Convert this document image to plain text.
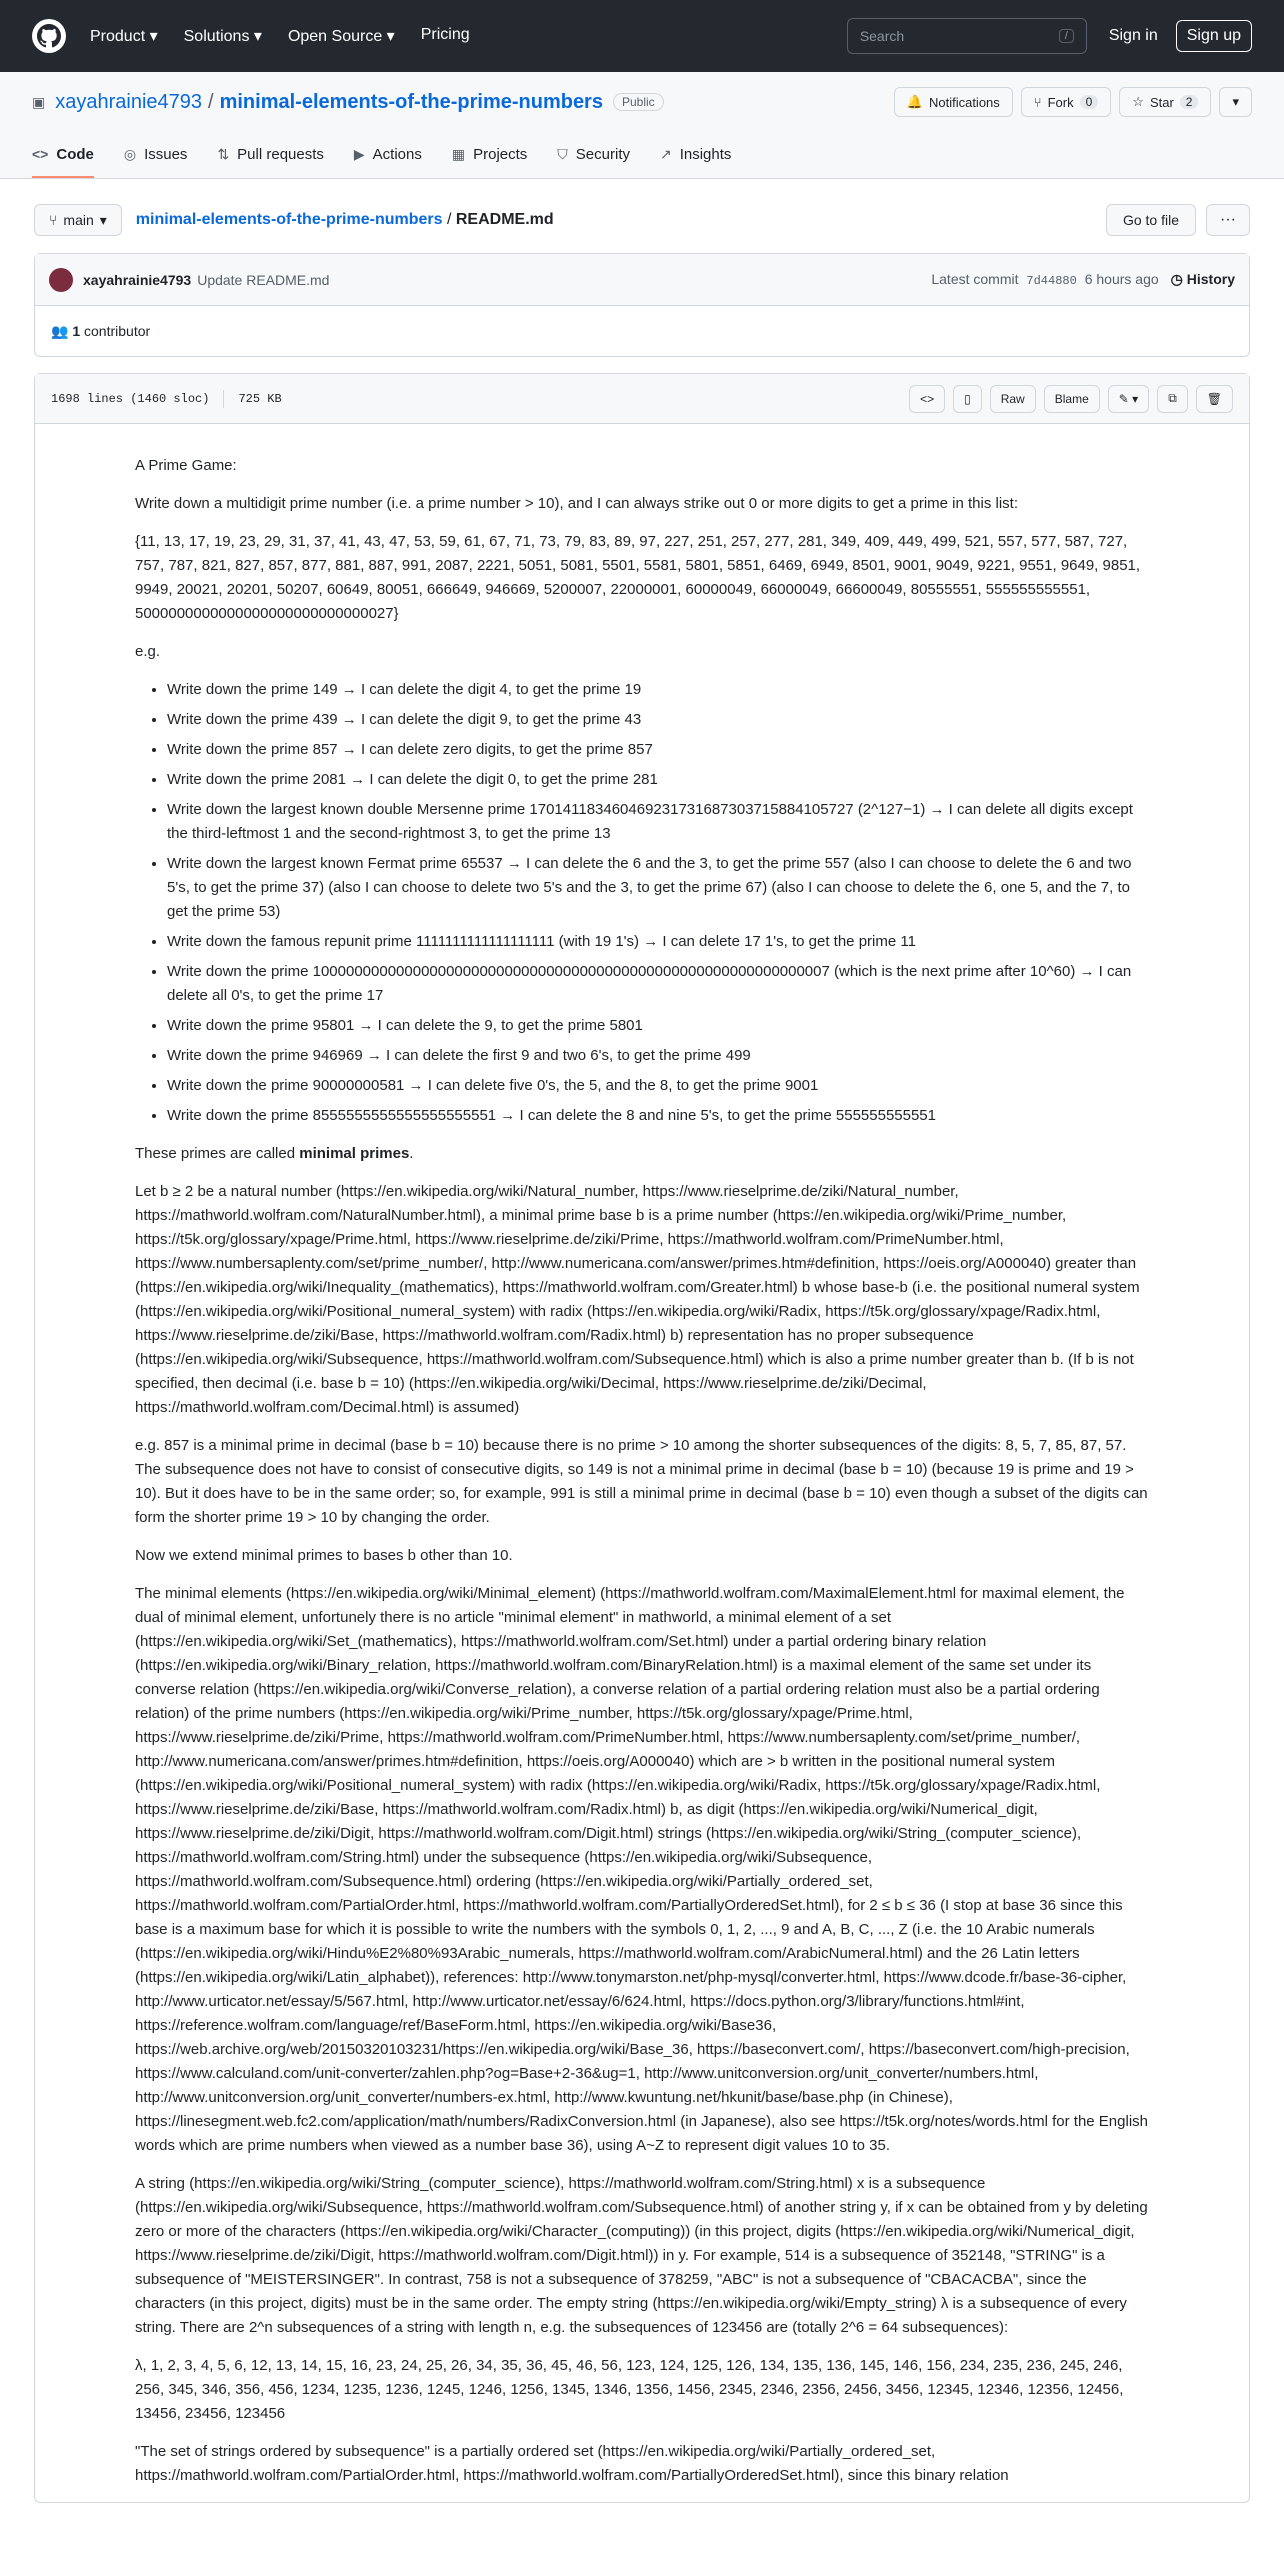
Product ▾ Solutions ▾ Open Source ▾ Pricing	Search	/	Sign in	Sign up
▣ xayahrainie4793 / minimal-elements-of-the-prime-numbers	Public	🔔 Notifications	⑂ Fork	0	☆ Star	2	▾
<> Code ◎ Issues ⇅ Pull requests ▶ Actions ▦ Projects ⛉ Security ↗ Insights
⑂ main ▾ minimal-elements-of-the-prime-numbers / README.md	Go to file	···
xayahrainie4793 Update README.md	Latest commit 7d44880 6 hours ago ◷ History
👥
1
contributor
1698 lines (1460 sloc) 725 KB	<>	▯	Raw	Blame	✎
▾	⧉	🗑

A Prime Game:

Write down a multidigit prime number (i.e. a prime number > 10), and I can always strike out 0 or more digits to get a prime in this list:

{11, 13, 17, 19, 23, 29, 31, 37, 41, 43, 47, 53, 59, 61, 67, 71, 73, 79, 83, 89, 97, 227, 251, 257, 277, 281, 349, 409, 449, 499, 521, 557, 577, 587, 727, 757, 787, 821, 827, 857, 877, 881, 887, 991, 2087, 2221, 5051, 5081, 5501, 5581, 5801, 5851, 6469, 6949, 8501, 9001, 9049, 9221, 9551, 9649, 9851, 9949, 20021, 20201, 50207, 60649, 80051, 666649, 946669, 5200007, 22000001, 60000049, 66000049, 66600049, 80555551, 555555555551, 5000000000000000000000000000027}

e.g.

• Write down the prime 149 → I can delete the digit 4, to get the prime 19
• Write down the prime 439 → I can delete the digit 9, to get the prime 43
• Write down the prime 857 → I can delete zero digits, to get the prime 857
• Write down the prime 2081 → I can delete the digit 0, to get the prime 281
• Write down the largest known double Mersenne prime 170141183460469231731687303715884105727 (2^127−1) → I can delete all digits except the third-leftmost 1 and the second-rightmost 3, to get the prime 13
• Write down the largest known Fermat prime 65537 → I can delete the 6 and the 3, to get the prime 557 (also I can choose to delete the 6 and two 5's, to get the prime 37) (also I can choose to delete two 5's and the 3, to get the prime 67) (also I can choose to delete the 6, one 5, and the 7, to get the prime 53)
• Write down the famous repunit prime 1111111111111111111 (with 19 1's) → I can delete 17 1's, to get the prime 11
• Write down the prime 10000000000000000000000000000000000000000000000000000000000007 (which is the next prime after 10^60) → I can delete all 0's, to get the prime 17
• Write down the prime 95801 → I can delete the 9, to get the prime 5801
• Write down the prime 946969 → I can delete the first 9 and two 6's, to get the prime 499
• Write down the prime 90000000581 → I can delete five 0's, the 5, and the 8, to get the prime 9001
• Write down the prime 8555555555555555555551 → I can delete the 8 and nine 5's, to get the prime 555555555551

These primes are called minimal primes.

Let b ≥ 2 be a natural number (https://en.wikipedia.org/wiki/Natural_number, https://www.rieselprime.de/ziki/Natural_number, https://mathworld.wolfram.com/NaturalNumber.html), a minimal prime base b is a prime number (https://en.wikipedia.org/wiki/Prime_number, https://t5k.org/glossary/xpage/Prime.html, https://www.rieselprime.de/ziki/Prime, https://mathworld.wolfram.com/PrimeNumber.html, https://www.numbersaplenty.com/set/prime_number/, http://www.numericana.com/answer/primes.htm#definition, https://oeis.org/A000040) greater than (https://en.wikipedia.org/wiki/Inequality_(mathematics), https://mathworld.wolfram.com/Greater.html) b whose base-b (i.e. the positional numeral system (https://en.wikipedia.org/wiki/Positional_numeral_system) with radix (https://en.wikipedia.org/wiki/Radix, https://t5k.org/glossary/xpage/Radix.html, https://www.rieselprime.de/ziki/Base, https://mathworld.wolfram.com/Radix.html) b) representation has no proper subsequence (https://en.wikipedia.org/wiki/Subsequence, https://mathworld.wolfram.com/Subsequence.html) which is also a prime number greater than b. (If b is not specified, then decimal (i.e. base b = 10) (https://en.wikipedia.org/wiki/Decimal, https://www.rieselprime.de/ziki/Decimal, https://mathworld.wolfram.com/Decimal.html) is assumed)

e.g. 857 is a minimal prime in decimal (base b = 10) because there is no prime > 10 among the shorter subsequences of the digits: 8, 5, 7, 85, 87, 57. The subsequence does not have to consist of consecutive digits, so 149 is not a minimal prime in decimal (base b = 10) (because 19 is prime and 19 > 10). But it does have to be in the same order; so, for example, 991 is still a minimal prime in decimal (base b = 10) even though a subset of the digits can form the shorter prime 19 > 10 by changing the order.

Now we extend minimal primes to bases b other than 10.

The minimal elements (https://en.wikipedia.org/wiki/Minimal_element) (https://mathworld.wolfram.com/MaximalElement.html for maximal element, the dual of minimal element, unfortunely there is no article "minimal element" in mathworld, a minimal element of a set (https://en.wikipedia.org/wiki/Set_(mathematics), https://mathworld.wolfram.com/Set.html) under a partial ordering binary relation (https://en.wikipedia.org/wiki/Binary_relation, https://mathworld.wolfram.com/BinaryRelation.html) is a maximal element of the same set under its converse relation (https://en.wikipedia.org/wiki/Converse_relation), a converse relation of a partial ordering relation must also be a partial ordering relation) of the prime numbers (https://en.wikipedia.org/wiki/Prime_number, https://t5k.org/glossary/xpage/Prime.html, https://www.rieselprime.de/ziki/Prime, https://mathworld.wolfram.com/PrimeNumber.html, https://www.numbersaplenty.com/set/prime_number/, http://www.numericana.com/answer/primes.htm#definition, https://oeis.org/A000040) which are > b written in the positional numeral system (https://en.wikipedia.org/wiki/Positional_numeral_system) with radix (https://en.wikipedia.org/wiki/Radix, https://t5k.org/glossary/xpage/Radix.html, https://www.rieselprime.de/ziki/Base, https://mathworld.wolfram.com/Radix.html) b, as digit (https://en.wikipedia.org/wiki/Numerical_digit, https://www.rieselprime.de/ziki/Digit, https://mathworld.wolfram.com/Digit.html) strings (https://en.wikipedia.org/wiki/String_(computer_science), https://mathworld.wolfram.com/String.html) under the subsequence (https://en.wikipedia.org/wiki/Subsequence, https://mathworld.wolfram.com/Subsequence.html) ordering (https://en.wikipedia.org/wiki/Partially_ordered_set, https://mathworld.wolfram.com/PartialOrder.html, https://mathworld.wolfram.com/PartiallyOrderedSet.html), for 2 ≤ b ≤ 36 (I stop at base 36 since this base is a maximum base for which it is possible to write the numbers with the symbols 0, 1, 2, ..., 9 and A, B, C, ..., Z (i.e. the 10 Arabic numerals (https://en.wikipedia.org/wiki/Hindu%E2%80%93Arabic_numerals, https://mathworld.wolfram.com/ArabicNumeral.html) and the 26 Latin letters (https://en.wikipedia.org/wiki/Latin_alphabet)), references: http://www.tonymarston.net/php-mysql/converter.html, https://www.dcode.fr/base-36-cipher, http://www.urticator.net/essay/5/567.html, http://www.urticator.net/essay/6/624.html, https://docs.python.org/3/library/functions.html#int, https://reference.wolfram.com/language/ref/BaseForm.html, https://en.wikipedia.org/wiki/Base36, https://web.archive.org/web/20150320103231/https://en.wikipedia.org/wiki/Base_36, https://baseconvert.com/, https://baseconvert.com/high-precision, https://www.calculand.com/unit-converter/zahlen.php?og=Base+2-36&ug=1, http://www.unitconversion.org/unit_converter/numbers.html, http://www.unitconversion.org/unit_converter/numbers-ex.html, http://www.kwuntung.net/hkunit/base/base.php (in Chinese), https://linesegment.web.fc2.com/application/math/numbers/RadixConversion.html (in Japanese), also see https://t5k.org/notes/words.html for the English words which are prime numbers when viewed as a number base 36), using A~Z to represent digit values 10 to 35.

A string (https://en.wikipedia.org/wiki/String_(computer_science), https://mathworld.wolfram.com/String.html) x is a subsequence (https://en.wikipedia.org/wiki/Subsequence, https://mathworld.wolfram.com/Subsequence.html) of another string y, if x can be obtained from y by deleting zero or more of the characters (https://en.wikipedia.org/wiki/Character_(computing)) (in this project, digits (https://en.wikipedia.org/wiki/Numerical_digit, https://www.rieselprime.de/ziki/Digit, https://mathworld.wolfram.com/Digit.html)) in y. For example, 514 is a subsequence of 352148, "STRING" is a subsequence of "MEISTERSINGER". In contrast, 758 is not a subsequence of 378259, "ABC" is not a subsequence of "CBACACBA", since the characters (in this project, digits) must be in the same order. The empty string (https://en.wikipedia.org/wiki/Empty_string) λ is a subsequence of every string. There are 2^n subsequences of a string with length n, e.g. the subsequences of 123456 are (totally 2^6 = 64 subsequences):

λ, 1, 2, 3, 4, 5, 6, 12, 13, 14, 15, 16, 23, 24, 25, 26, 34, 35, 36, 45, 46, 56, 123, 124, 125, 126, 134, 135, 136, 145, 146, 156, 234, 235, 236, 245, 246, 256, 345, 346, 356, 456, 1234, 1235, 1236, 1245, 1246, 1256, 1345, 1346, 1356, 1456, 2345, 2346, 2356, 2456, 3456, 12345, 12346, 12356, 12456, 13456, 23456, 123456

"The set of strings ordered by subsequence" is a partially ordered set (https://en.wikipedia.org/wiki/Partially_ordered_set, https://mathworld.wolfram.com/PartialOrder.html, https://mathworld.wolfram.com/PartiallyOrderedSet.html), since this binary relation
